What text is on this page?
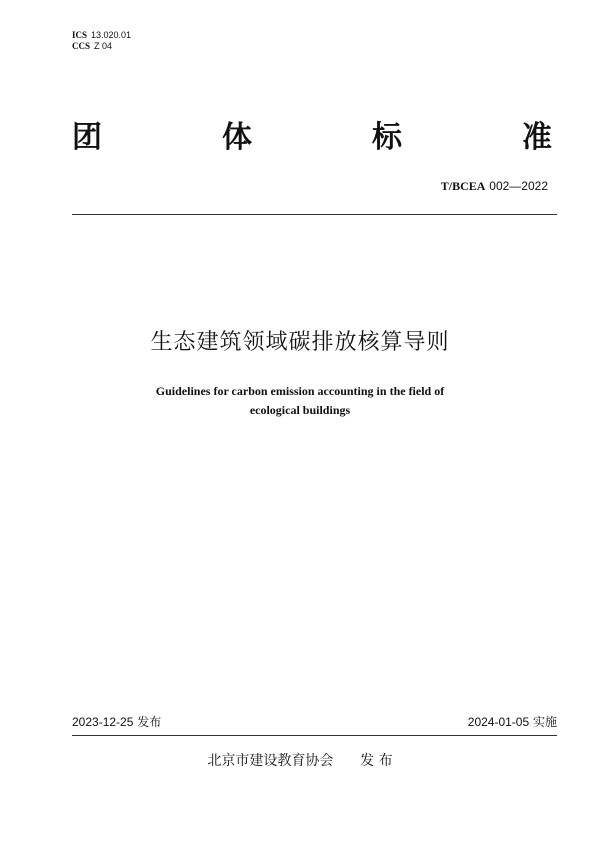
ICS 13.020.01
CCS Z 04
团	体	标	准
T/BCEA 002—2022
生态建筑领域碳排放核算导则
Guidelines for carbon emission accounting in the field of
ecological buildings
2023-12-25 发布	2024-01-05 实施
北京市建设教育协会 发 布
